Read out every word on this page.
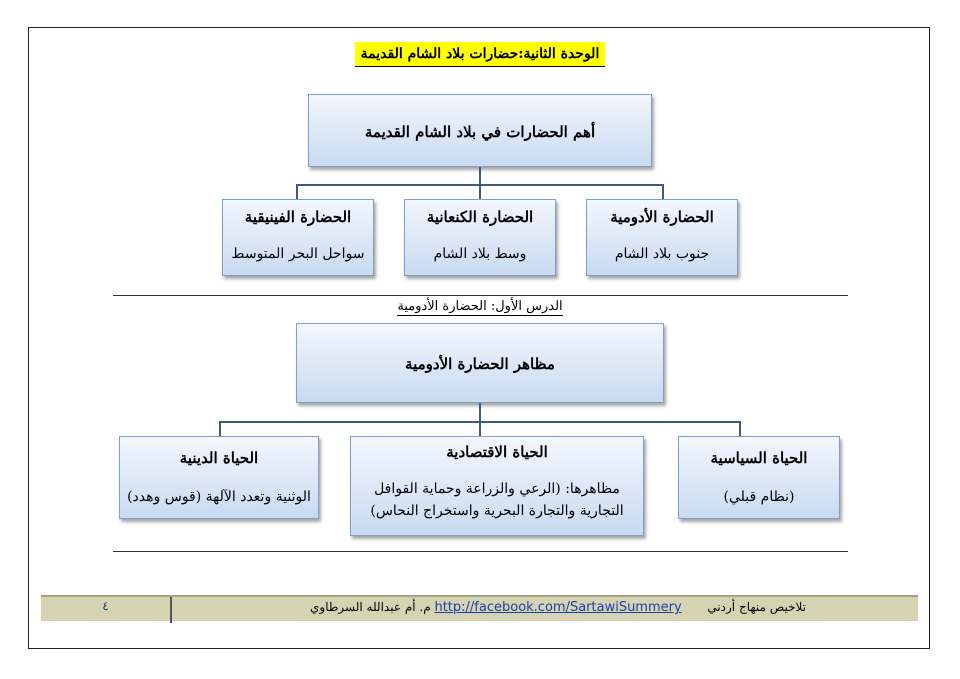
الوحدة الثانية:حضارات بلاد الشام القديمة
أهم الحضارات في بلاد الشام القديمة
الحضارة الأدومية
جنوب بلاد الشام
الحضارة الكنعانية
وسط بلاد الشام
الحضارة الفينيقية
سواحل البحر المتوسط
الدرس الأول: الحضارة الأدومية
مظاهر الحضارة الأدومية
الحياة السياسية
(نظام قبلي)
الحياة الاقتصادية
مظاهرها: (الرعي والزراعة وحماية القوافل
التجارية والتجارة البحرية واستخراج النحاس)
الحياة الدينية
الوثنية وتعدد الآلهة (قوس وهدد)
٤	تلاخيص منهاج أردني  http://facebook.com/SartawiSummery م. أم عبدالله السرطاوي
